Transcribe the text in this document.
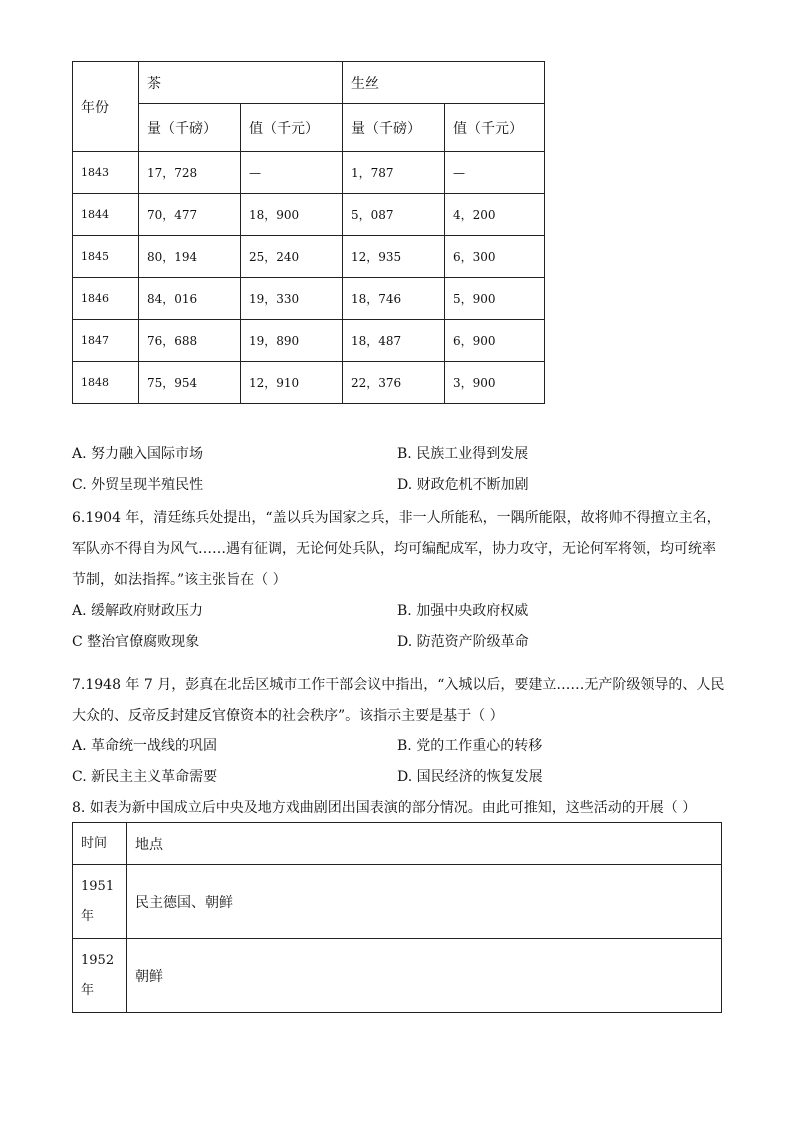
年份	茶		生丝	
	量（千磅）	值（千元）	量（千磅）	值（千元）
1843	17，728	—	1，787	—
1844	70，477	18，900	5，087	4，200
1845	80，194	25，240	12，935	6，300
1846	84，016	19，330	18，746	5，900
1847	76，688	19，890	18，487	6，900
1848	75，954	12，910	22，376	3，900
A. 努力融入国际市场	B. 民族工业得到发展
C. 外贸呈现半殖民性	D. 财政危机不断加剧
6.1904 年，清廷练兵处提出，“盖以兵为国家之兵，非一人所能私，一隅所能限，故将帅不得擅立主名，
军队亦不得自为风气……遇有征调，无论何处兵队，均可编配成军，协力攻守，无论何军将领，均可统率
节制，如法指挥。”该主张旨在（ ）
A. 缓解政府财政压力	B. 加强中央政府权威
C 整治官僚腐败现象	D. 防范资产阶级革命
7.1948 年 7 月，彭真在北岳区城市工作干部会议中指出，“入城以后，要建立……无产阶级领导的、人民
大众的、反帝反封建反官僚资本的社会秩序”。该指示主要是基于（ ）
A. 革命统一战线的巩固	B. 党的工作重心的转移
C. 新民主主义革命需要	D. 国民经济的恢复发展
8. 如表为新中国成立后中央及地方戏曲剧团出国表演的部分情况。由此可推知，这些活动的开展（ ）
时间	地点

1951
年	民主德国、朝鲜

1952
年	朝鲜
